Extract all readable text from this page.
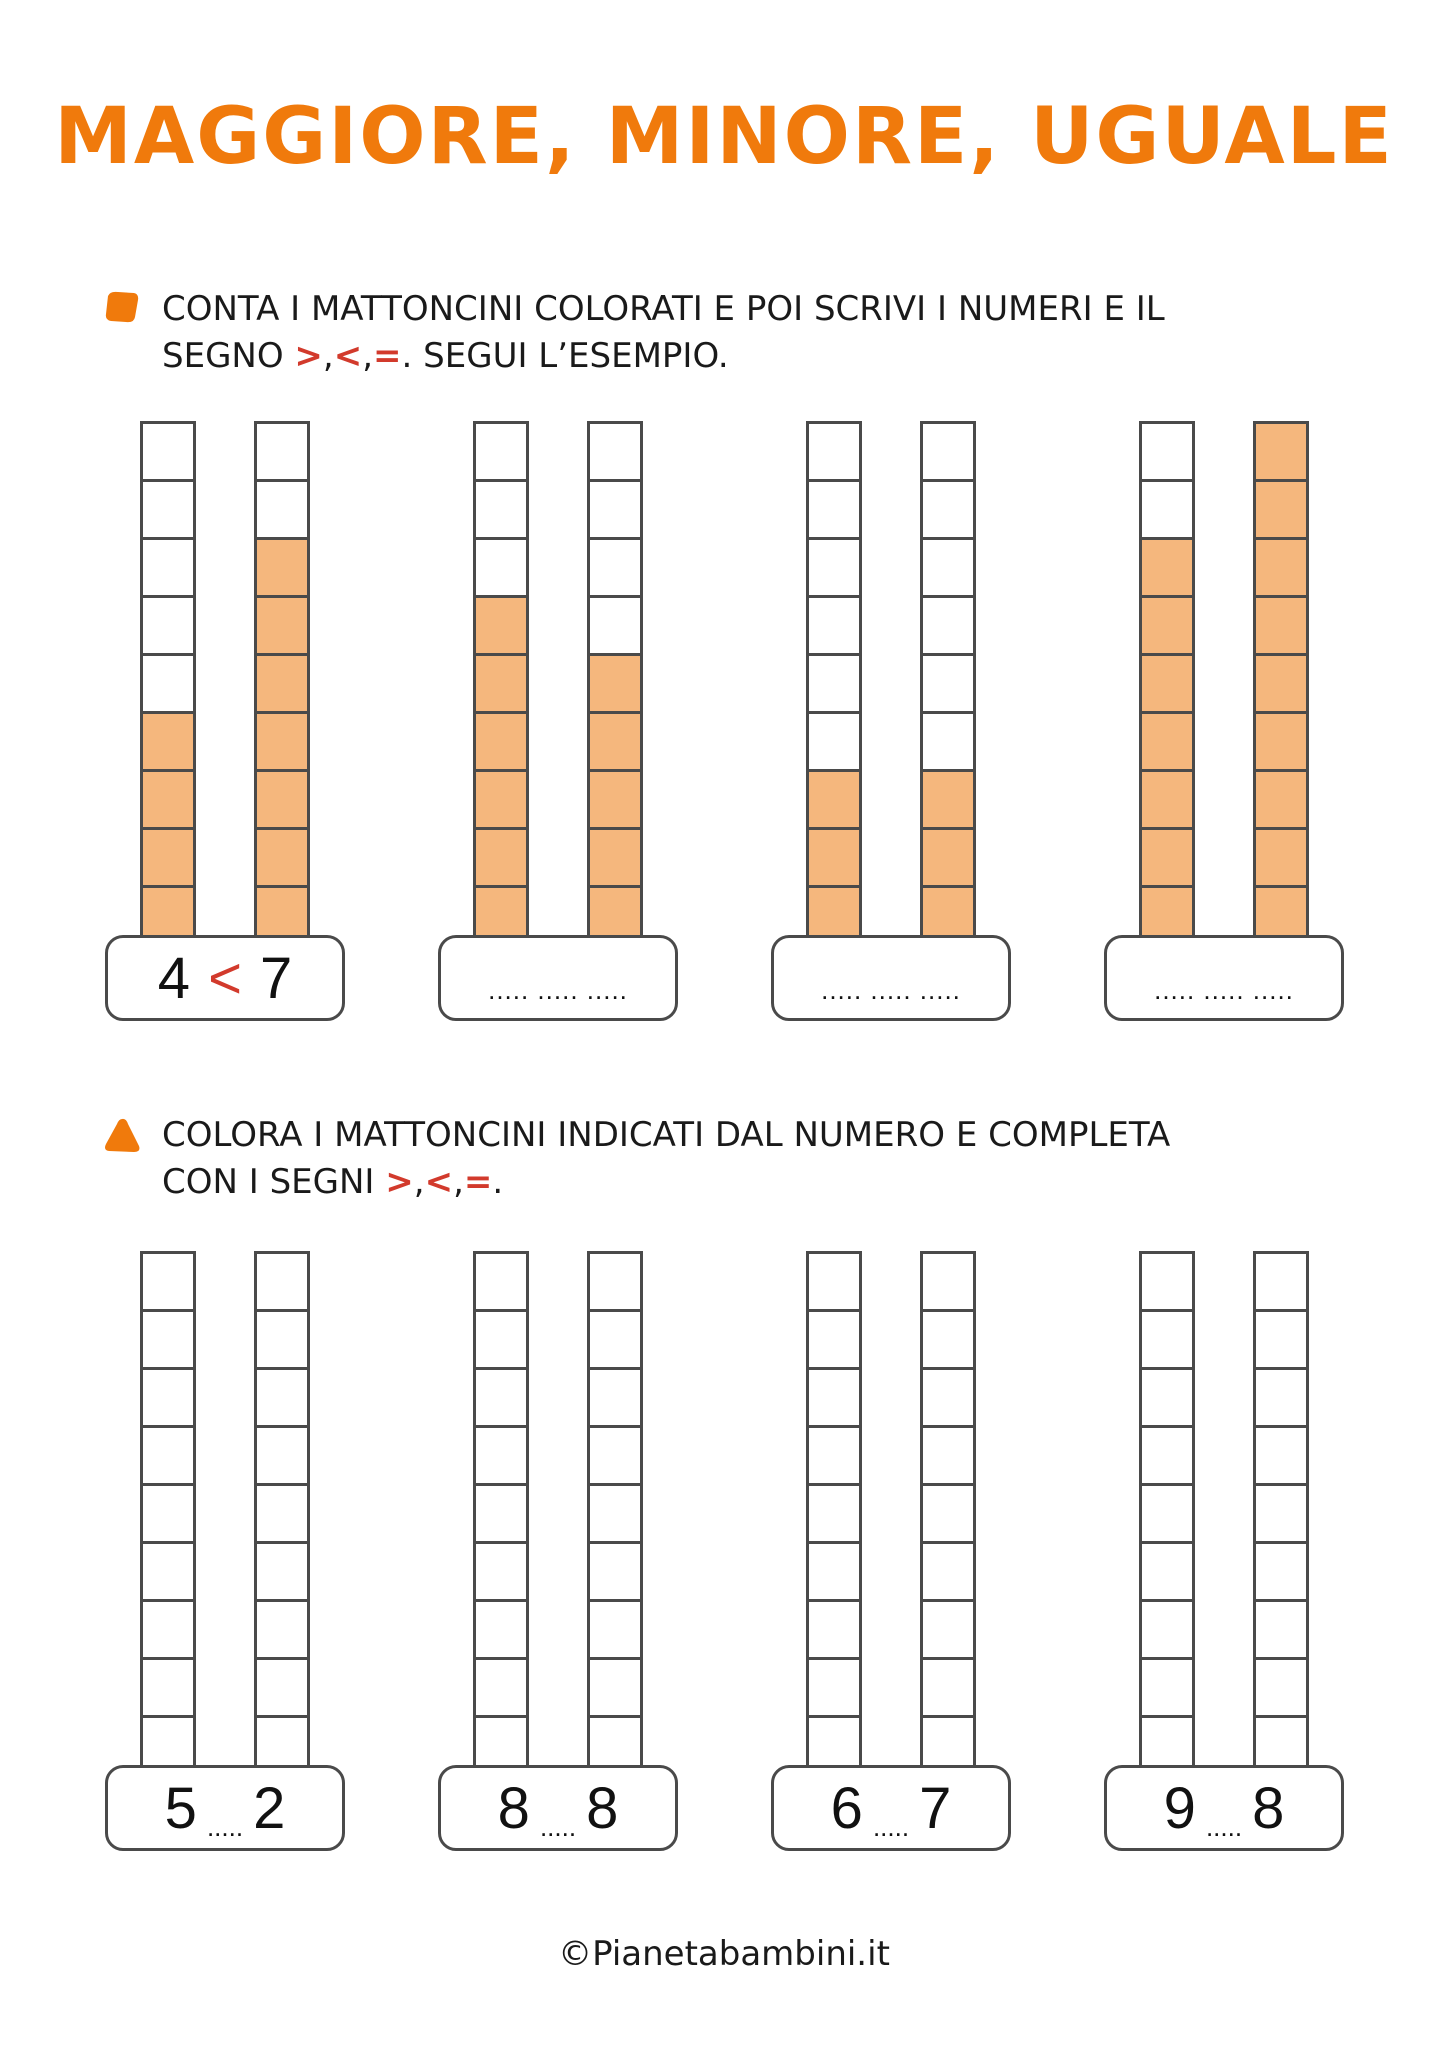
MAGGIORE, MINORE, UGUALE
CONTA I MATTONCINI COLORATI E POI SCRIVI I NUMERI E IL
SEGNO >,<,=. SEGUI L’ESEMPIO.
4 < 7	..... ..... .....	..... ..... .....	..... ..... .....
COLORA I MATTONCINI INDICATI DAL NUMERO E COMPLETA
CON I SEGNI >,<,=.
5 ..... 2	8 ..... 8	6 ..... 7	9 ..... 8
©Pianetabambini.it
